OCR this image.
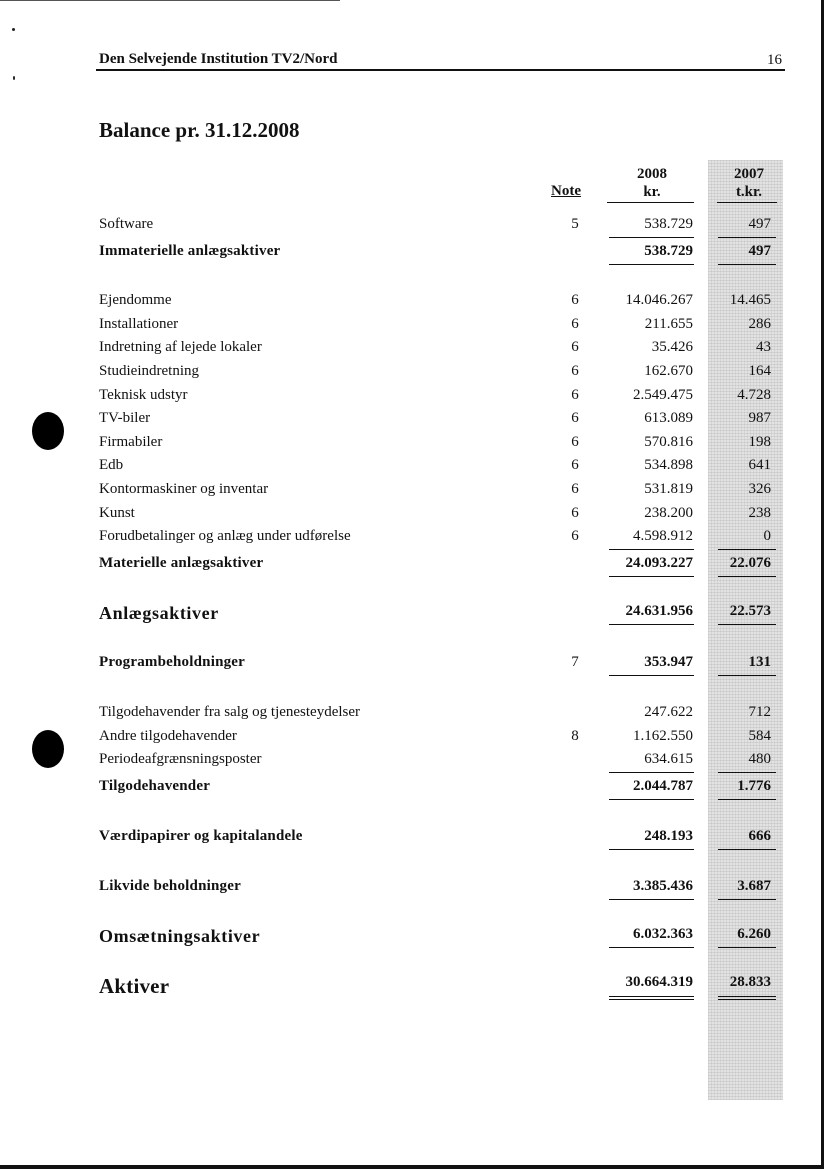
Den Selvejende Institution TV2/Nord	16
Balance pr. 31.12.2008
Note
2008
kr.
2007
t.kr.
Software	5	538.729	497
Immaterielle anlægsaktiver	538.729	497
Ejendomme	6	14.046.267	14.465
Installationer	6	211.655	286
Indretning af lejede lokaler	6	35.426	43
Studieindretning	6	162.670	164
Teknisk udstyr	6	2.549.475	4.728
TV-biler	6	613.089	987
Firmabiler	6	570.816	198
Edb	6	534.898	641
Kontormaskiner og inventar	6	531.819	326
Kunst	6	238.200	238
Forudbetalinger og anlæg under udførelse	6	4.598.912	0
Materielle anlægsaktiver	24.093.227	22.076
Anlægsaktiver	24.631.956	22.573
Programbeholdninger	7	353.947	131
Tilgodehavender fra salg og tjenesteydelser	247.622	712
Andre tilgodehavender	8	1.162.550	584
Periodeafgrænsningsposter	634.615	480
Tilgodehavender	2.044.787	1.776
Værdipapirer og kapitalandele	248.193	666
Likvide beholdninger	3.385.436	3.687
Omsætningsaktiver	6.032.363	6.260
Aktiver	30.664.319	28.833
